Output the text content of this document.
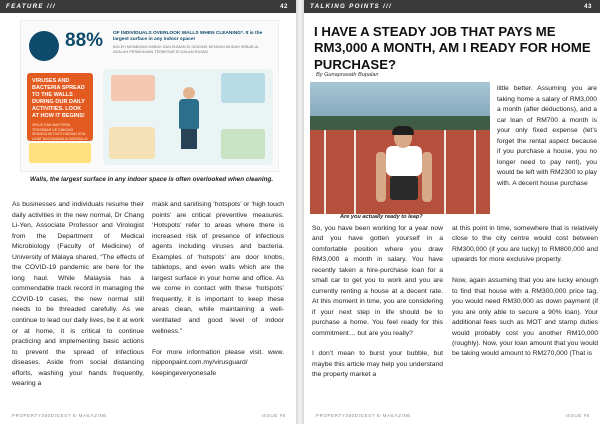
FEATURE ///	42
88% OF INDIVIDUALS OVERLOOK WALLS WHEN CLEANING*. It is the largest surface in any indoor space!
BOLEH MEMBASMI HABUK DAN KUMAN DI DINDING DENGAN MUDAH SEBAB IA ADALAH PERMUKAAN TERBESAR DI DALAM RUANG
VIRUSES AND BACTERIA SPREAD TO THE WALLS DURING OUR DAILY ACTIVITIES. LOOK AT HOW IT BEGINS!
VIRUS DAN BAKTERIA TERSEBAR KE DINDING SEMASA AKTIVITI HARIAN KITA. LIHAT BAGAIMANA IA BERMULA!
Walls, the largest surface in any indoor space is often overlooked when cleaning.

As businesses and individuals resume their daily activities in the new normal, Dr Chang Li-Yen, Associate Professor and Virologist from the Department of Medical Microbiology (Faculty of Medicine) of University of Malaya shared, “The effects of the COVID-19 pandemic are here for the long haul. While Malaysia has a commendable track record in managing the COVID-19 cases, the new normal still needs to be threaded carefully. As we continue to lead our daily lives, be it at work or at home, it is critical to continue practicing and implementing basic actions to prevent the spread of infectious diseases. Aside from social distancing efforts, washing your hands frequently, wearing a

mask and sanitising ‘hotspots’ or ‘high touch points’ are critical preventive measures. ‘Hotspots’ refer to areas where there is increased risk of presence of infectious agents including viruses and bacteria. Examples of ‘hotspots’ are door knobs, tabletops, and even walls which are the largest surface in your home and office. As we come in contact with these ‘hotspots’ frequently, it is important to keep these areas clean, while maintaining a well-ventilated and good level of indoor wellness.”

For more information please visit. www. nipponpaint.com.my/virusguard/ keepingeveryonesafe

PROPERTY360DIGEST E-MAGAZINE	ISSUE #6
TALKING POINTS ///	43
I HAVE A STEADY JOB THAT PAYS ME RM3,000 A MONTH, AM I READY FOR HOME PURCHASE?
By Gunaprasath Bupalan
Are you actually ready to leap?

little better. Assuming you are taking home a salary of RM3,000 a month (after deductions), and a car loan of RM700 a month is your only fixed expense (let’s forget the rental aspect because if you purchase a house, you no longer need to pay rent), you would be left with RM2300 to play with. A decent house purchase

So, you have been working for a year now and you have gotten yourself in a comfortable position where you draw RM3,000 a month in salary. You have recently taken a hire-purchase loan for a small car to get you to work and you are currently renting a house at a decent rate. At this moment in time, you are considering if your next step in life should be to purchase a home. You feel ready for this commitment… but are you really?

I don’t mean to burst your bubble, but maybe this article may help you understand the property market a

at this point in time, somewhere that is relatively close to the city centre would cost between RM300,000 (if you are lucky) to RM800,000 and upwards for more exclusive property.

Now, again assuming that you are lucky enough to find that house with a RM300,000 price tag, you would need RM30,000 as down payment (if you are only able to secure a 90% loan). Your additional fees such as MOT and stamp duties would probably cost you another RM10,000 (roughly). Now, your loan amount that you would be taking would amount to RM270,000 (That is

PROPERTY360DIGEST E-MAGAZINE	ISSUE #6
